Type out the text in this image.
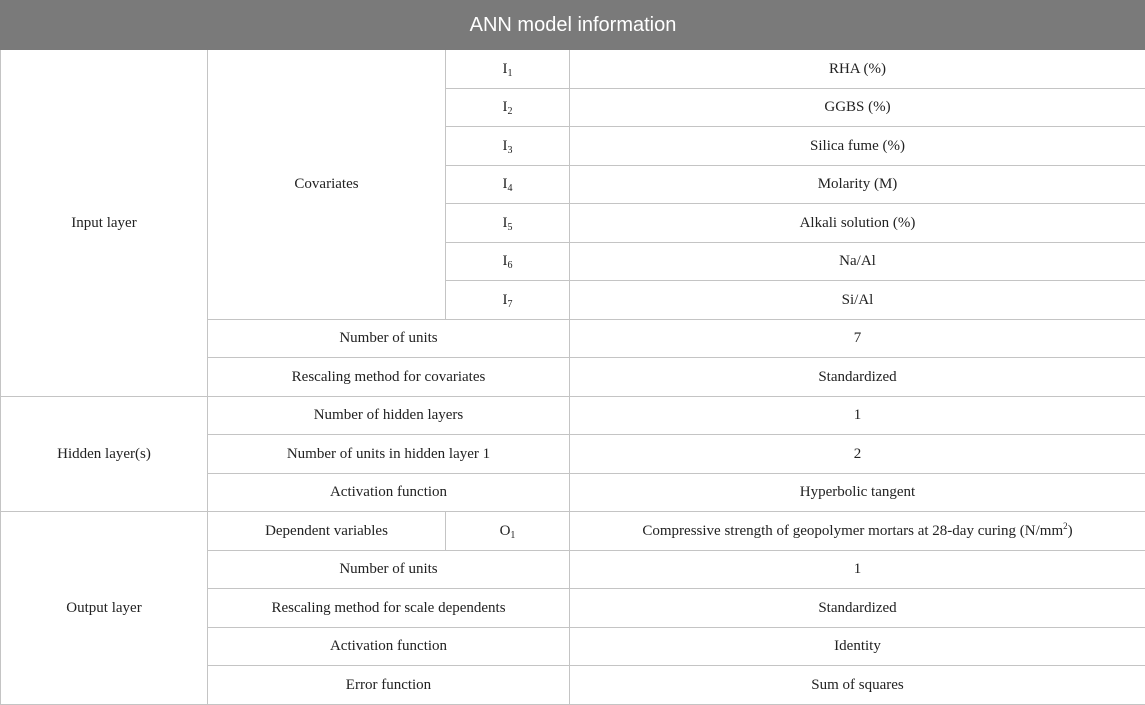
ANN model information			
Input layer	Covariates	$I_1$	RHA (%)
		$I_2$	GGBS (%)
		$I_3$	Silica fume (%)
		$I_4$	Molarity (M)
		$I_5$	Alkali solution (%)
		$I_6$	Na/Al
		$I_7$	Si/Al
	Number of units		7
	Rescaling method for covariates		Standardized
Hidden layer(s)	Number of hidden layers		1
	Number of units in hidden layer 1		2
	Activation function		Hyperbolic tangent
Output layer	Dependent variables	$O_1$	Compressive strength of geopolymer mortars at 28-day curing $(N/mm^2)$
	Number of units		1
	Rescaling method for scale dependents		Standardized
	Activation function		Identity
	Error function		Sum of squares
